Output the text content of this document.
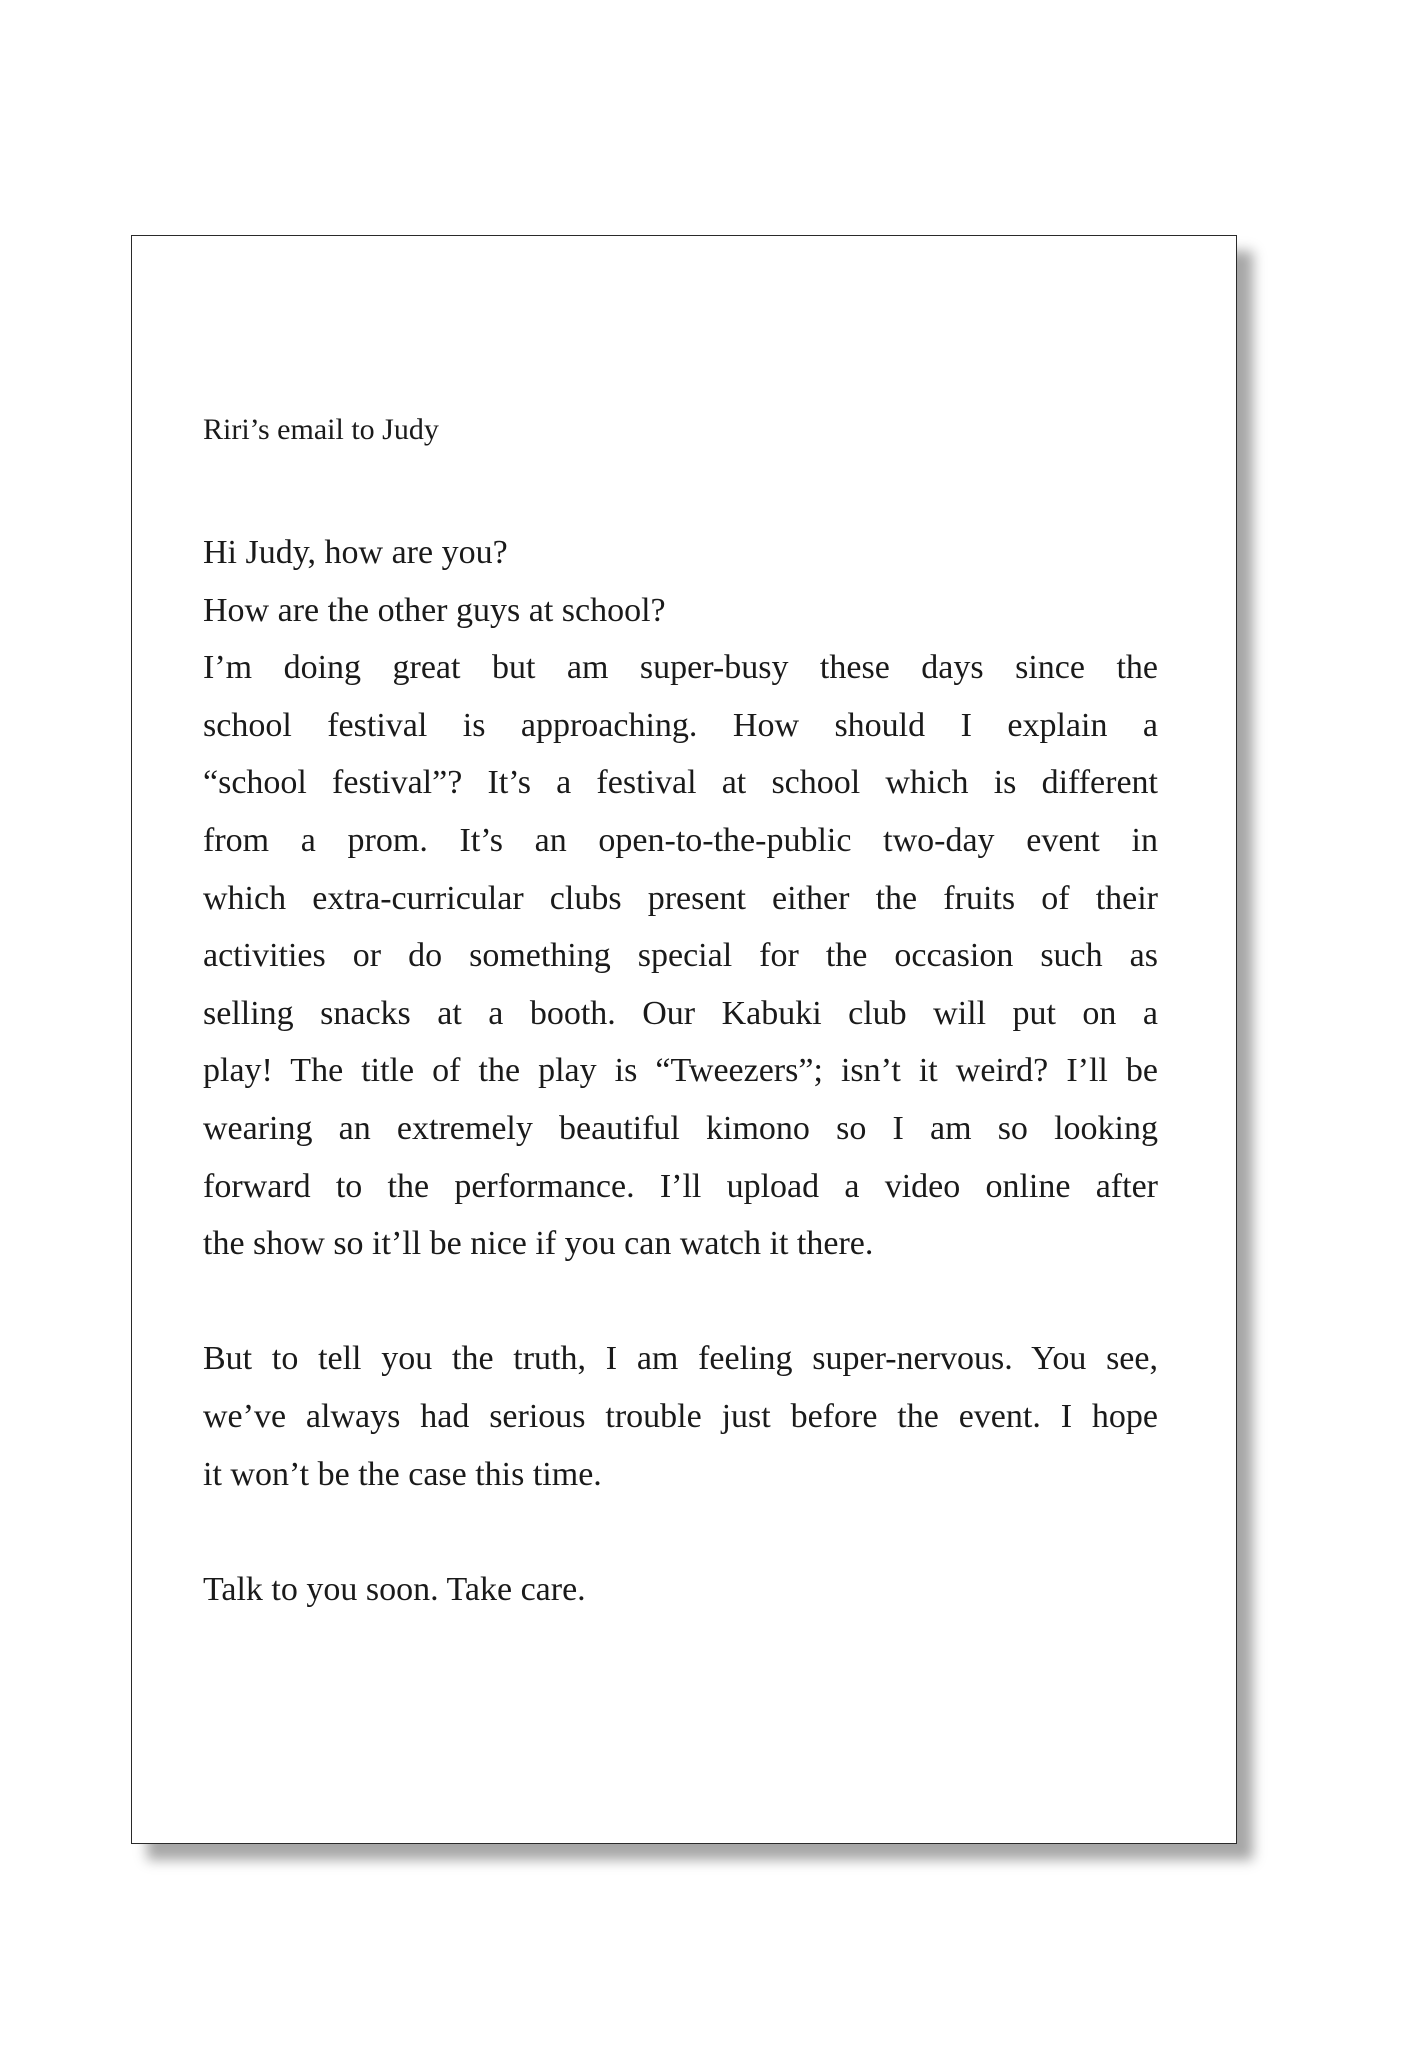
Riri’s email to Judy
Hi Judy, how are you?
How are the other guys at school?
I’m doing great but am super-busy these days since the
school festival is approaching. How should I explain a
“school festival”? It’s a festival at school which is different
from a prom. It’s an open-to-the-public two-day event in
which extra-curricular clubs present either the fruits of their
activities or do something special for the occasion such as
selling snacks at a booth. Our Kabuki club will put on a
play! The title of the play is “Tweezers”; isn’t it weird? I’ll be
wearing an extremely beautiful kimono so I am so looking
forward to the performance. I’ll upload a video online after
the show so it’ll be nice if you can watch it there.
But to tell you the truth, I am feeling super-nervous. You see,
we’ve always had serious trouble just before the event. I hope
it won’t be the case this time.
Talk to you soon. Take care.
